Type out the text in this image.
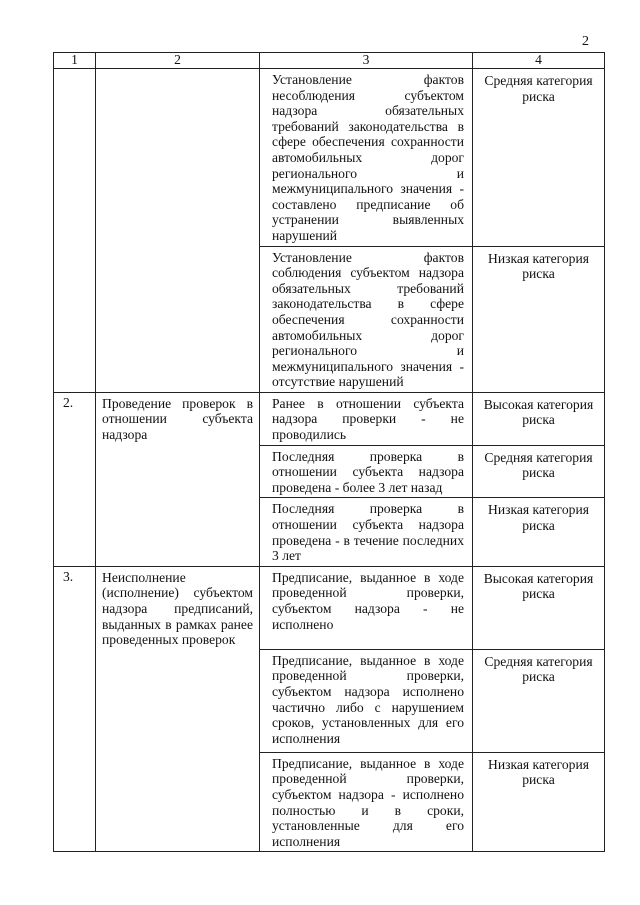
2
1	2	3	4
		Установление фактов несоблюдения субъектом надзора обязательных требований законодательства в сфере обеспечения сохранности автомобильных дорог регионального и межмуниципального значения - составлено предписание об устранении выявленных нарушений	Средняя категория риска
		Установление фактов соблюдения субъектом надзора обязательных требований законодательства в сфере обеспечения сохранности автомобильных дорог регионального и межмуниципального значения - отсутствие нарушений	Низкая категория риска
2.	Проведение проверок в отношении субъекта надзора	Ранее в отношении субъекта надзора проверки - не проводились	Высокая категория риска
		Последняя проверка в отношении субъекта надзора проведена - более 3 лет назад	Средняя категория риска
		Последняя проверка в отношении субъекта надзора проведена - в течение последних 3 лет	Низкая категория риска
3.	Неисполнение (исполнение) субъектом надзора предписаний, выданных в рамках ранее проведенных проверок	Предписание, выданное в ходе проведенной проверки, субъектом надзора - не исполнено	Высокая категория риска
		Предписание, выданное в ходе проведенной проверки, субъектом надзора исполнено частично либо с нарушением сроков, установленных для его исполнения	Средняя категория риска
		Предписание, выданное в ходе проведенной проверки, субъектом надзора - исполнено полностью и в сроки, установленные для его исполнения	Низкая категория риска
